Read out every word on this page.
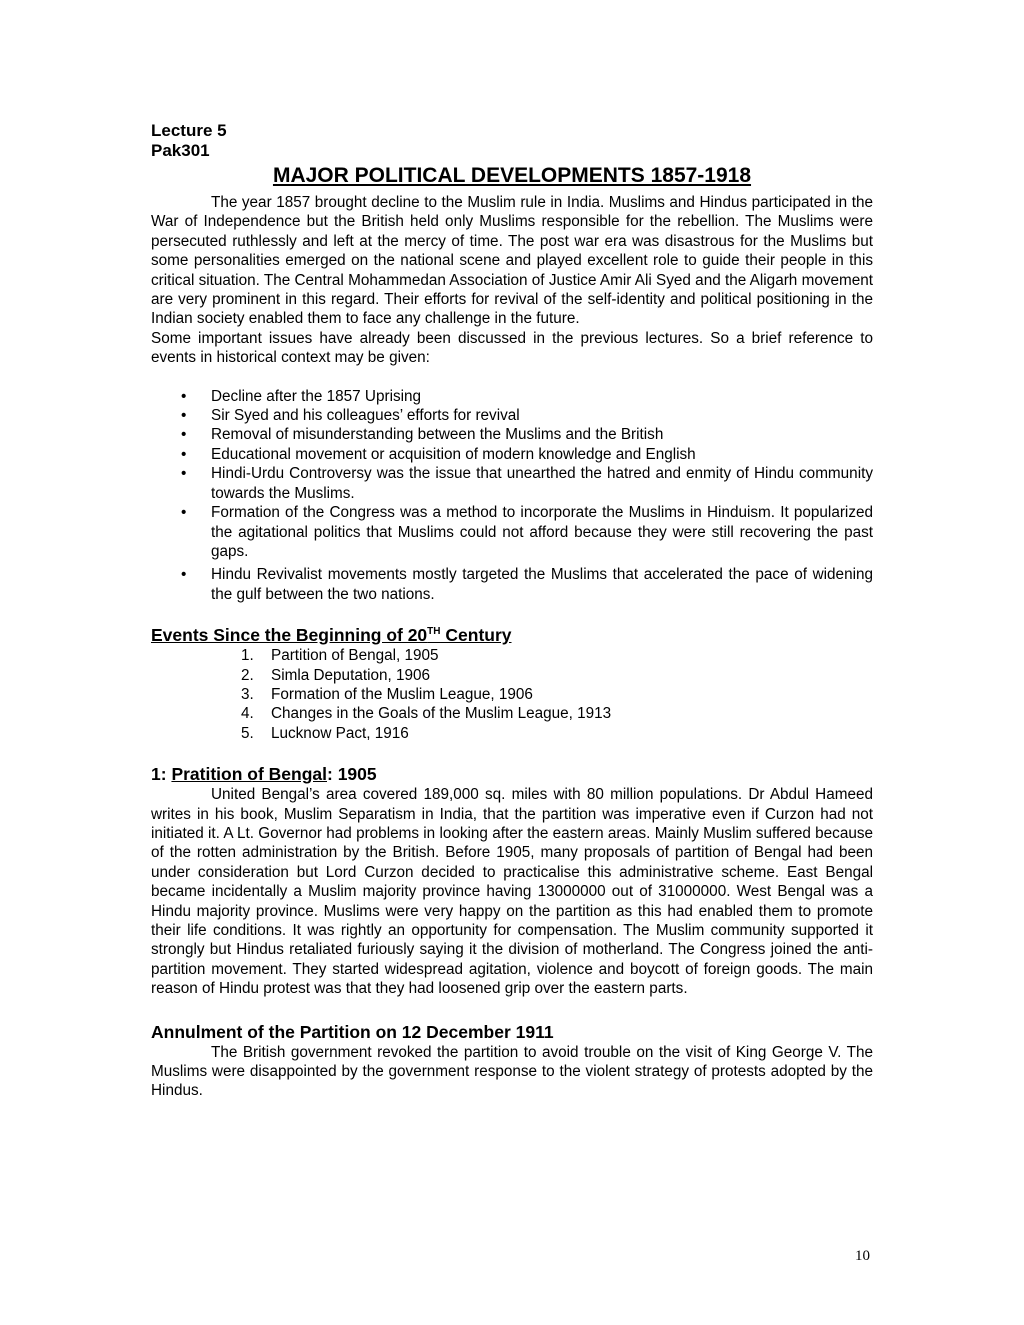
Lecture 5

Pak301

MAJOR POLITICAL DEVELOPMENTS 1857-1918

The year 1857 brought decline to the Muslim rule in India. Muslims and Hindus participated in the War of Independence but the British held only Muslims responsible for the rebellion. The Muslims were persecuted ruthlessly and left at the mercy of time. The post war era was disastrous for the Muslims but some personalities emerged on the national scene and played excellent role to guide their people in this critical situation. The Central Mohammedan Association of Justice Amir Ali Syed and the Aligarh movement are very prominent in this regard. Their efforts for revival of the self-identity and political positioning in the Indian society enabled them to face any challenge in the future.

Some important issues have already been discussed in the previous lectures. So a brief reference to events in historical context may be given:

• Decline after the 1857 Uprising
• Sir Syed and his colleagues’ efforts for revival
• Removal of misunderstanding between the Muslims and the British
• Educational movement or acquisition of modern knowledge and English
• Hindi-Urdu Controversy was the issue that unearthed the hatred and enmity of Hindu community towards the Muslims.
• Formation of the Congress was a method to incorporate the Muslims in Hinduism. It popularized the agitational politics that Muslims could not afford because they were still recovering the past gaps.
• Hindu Revivalist movements mostly targeted the Muslims that accelerated the pace of widening the gulf between the two nations.
Events Since the Beginning of 20TH Century
1. Partition of Bengal, 1905
2. Simla Deputation, 1906
3. Formation of the Muslim League, 1906
4. Changes in the Goals of the Muslim League, 1913
5. Lucknow Pact, 1916
1: Pratition of Bengal: 1905

United Bengal’s area covered 189,000 sq. miles with 80 million populations. Dr Abdul Hameed writes in his book, Muslim Separatism in India, that the partition was imperative even if Curzon had not initiated it. A Lt. Governor had problems in looking after the eastern areas. Mainly Muslim suffered because of the rotten administration by the British. Before 1905, many proposals of partition of Bengal had been under consideration but Lord Curzon decided to practicalise this administrative scheme. East Bengal became incidentally a Muslim majority province having 13000000 out of 31000000. West Bengal was a Hindu majority province. Muslims were very happy on the partition as this had enabled them to promote their life conditions. It was rightly an opportunity for compensation. The Muslim community supported it strongly but Hindus retaliated furiously saying it the division of motherland. The Congress joined the anti-partition movement. They started widespread agitation, violence and boycott of foreign goods. The main reason of Hindu protest was that they had loosened grip over the eastern parts.

Annulment of the Partition on 12 December 1911

The British government revoked the partition to avoid trouble on the visit of King George V. The Muslims were disappointed by the government response to the violent strategy of protests adopted by the Hindus.

10
